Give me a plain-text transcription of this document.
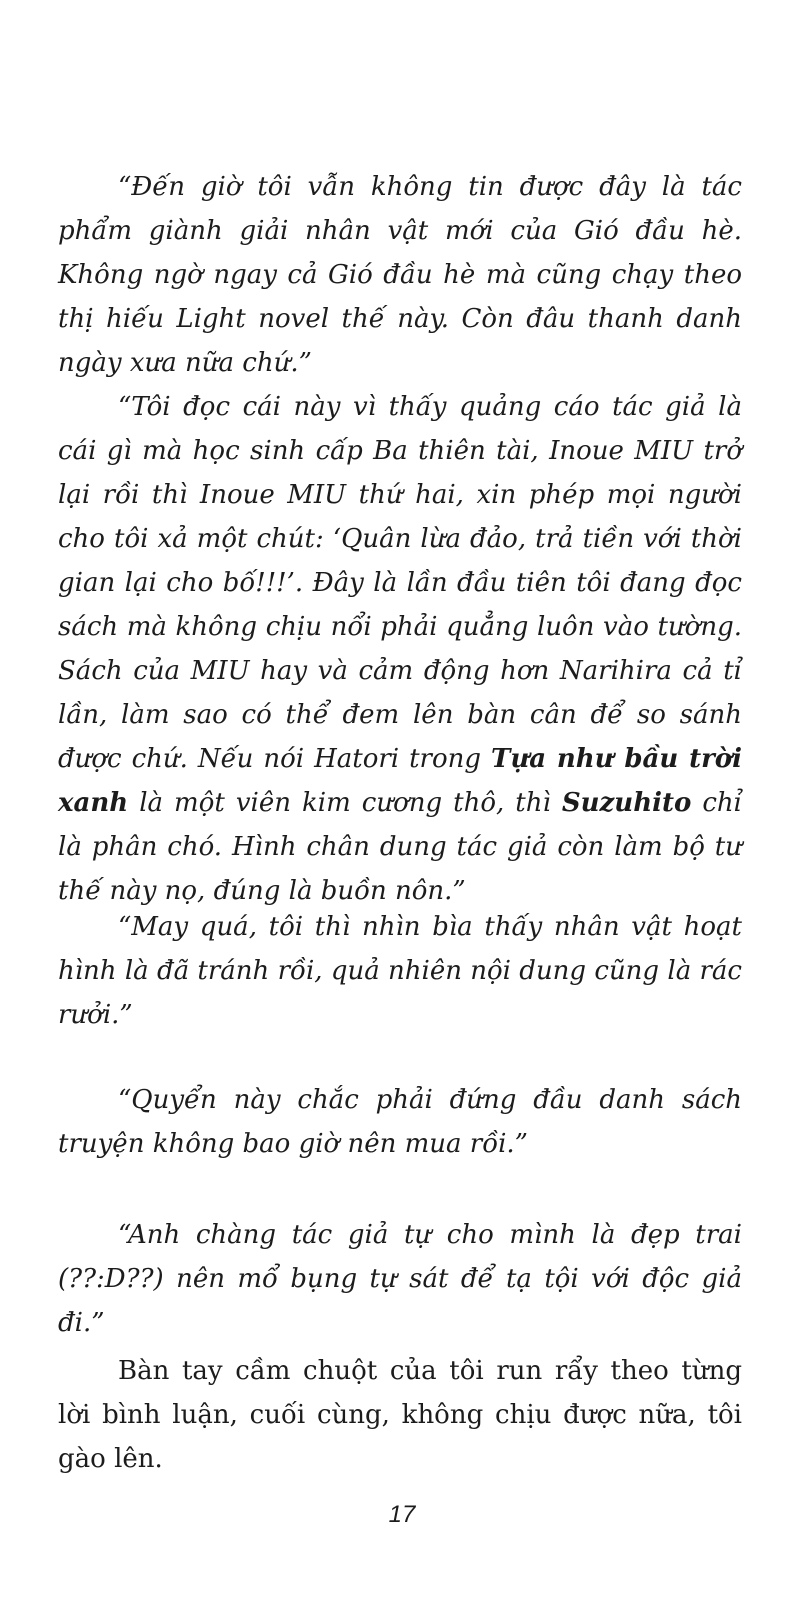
“Đến giờ tôi vẫn không tin được đây là tác phẩm giành giải nhân vật mới của Gió đầu hè. Không ngờ ngay cả Gió đầu hè mà cũng chạy theo thị hiếu Light novel thế này. Còn đâu thanh danh ngày xưa nữa chứ.”

“Tôi đọc cái này vì thấy quảng cáo tác giả là cái gì mà học sinh cấp Ba thiên tài, Inoue MIU trở lại rồi thì Inoue MIU thứ hai, xin phép mọi người cho tôi xả một chút: ‘Quân lừa đảo, trả tiền với thời gian lại cho bố!!!’. Đây là lần đầu tiên tôi đang đọc sách mà không chịu nổi phải quẳng luôn vào tường. Sách của MIU hay và cảm động hơn Narihira cả tỉ lần, làm sao có thể đem lên bàn cân để so sánh được chứ. Nếu nói Hatori trong Tựa như bầu trời xanh là một viên kim cương thô, thì Suzuhito chỉ là phân chó. Hình chân dung tác giả còn làm bộ tư thế này nọ, đúng là buồn nôn.”

“May quá, tôi thì nhìn bìa thấy nhân vật hoạt hình là đã tránh rồi, quả nhiên nội dung cũng là rác rưởi.”

“Quyển này chắc phải đứng đầu danh sách truyện không bao giờ nên mua rồi.”

“Anh chàng tác giả tự cho mình là đẹp trai (??:D??) nên mổ bụng tự sát để tạ tội với độc giả đi.”

Bàn tay cầm chuột của tôi run rẩy theo từng lời bình luận, cuối cùng, không chịu được nữa, tôi gào lên.

17
